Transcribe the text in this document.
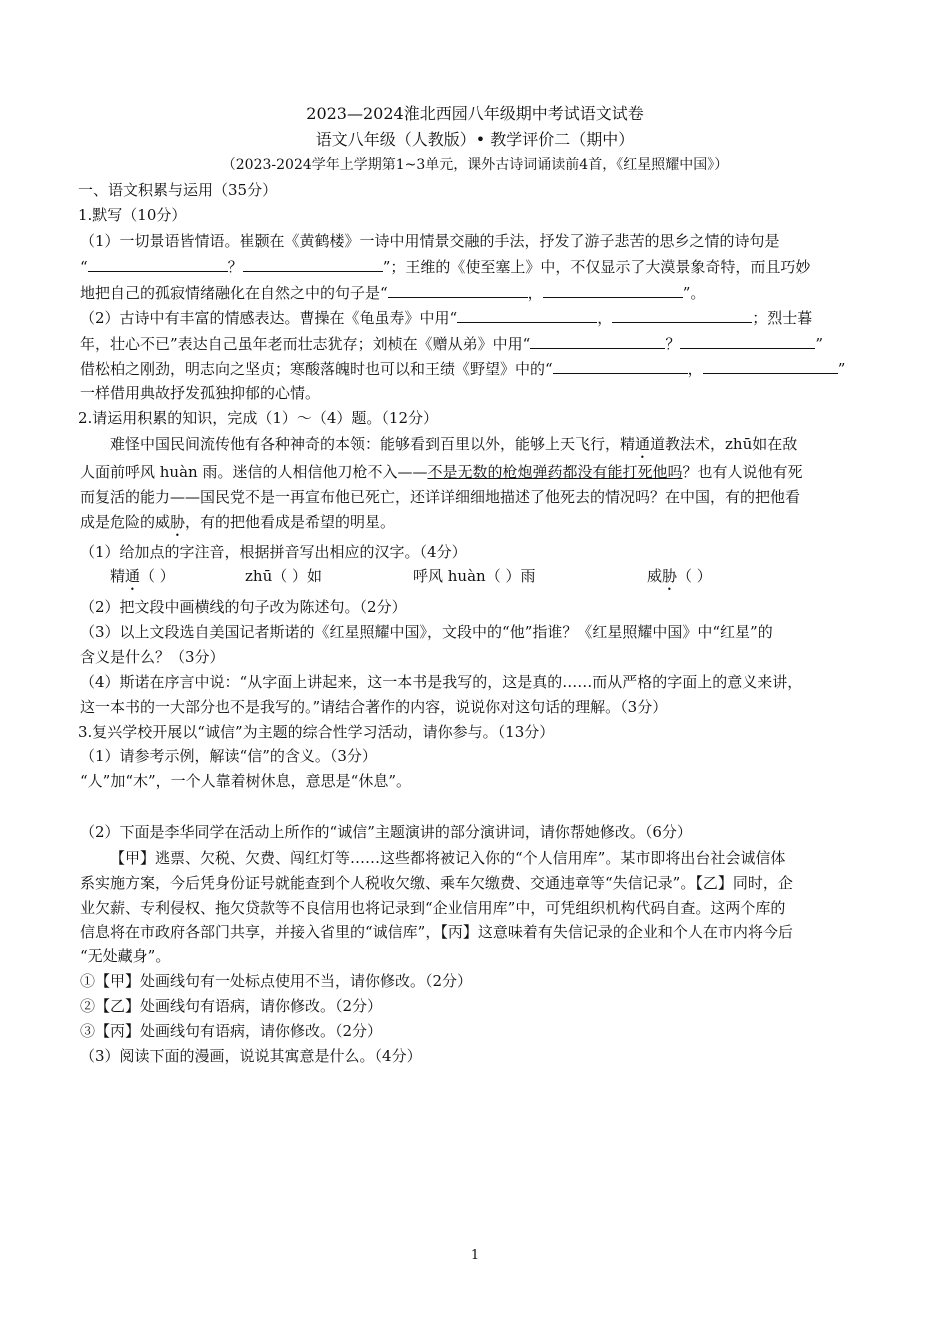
2023—2024淮北西园八年级期中考试语文试卷
语文八年级（人教版）• 教学评价二（期中）
（2023-2024学年上学期第1~3单元，课外古诗词诵读前4首，《红星照耀中国》）
一、语文积累与运用（35分）
1.默写（10分）
（1）一切景语皆情语。崔颢在《黄鹤楼》一诗中用情景交融的手法，抒发了游子悲苦的思乡之情的诗句是
“	？	”；王维的《使至塞上》中，不仅显示了大漠景象奇特，而且巧妙
地把自己的孤寂情绪融化在自然之中的句子是“	，	”。
（2）古诗中有丰富的情感表达。曹操在《龟虽寿》中用“	，	；烈士暮
年，壮心不已”表达自己虽年老而壮志犹存；刘桢在《赠从弟》中用“	？	”
借松柏之刚劲，明志向之坚贞；寒酸落魄时也可以和王绩《野望》中的“	，	”
一样借用典故抒发孤独抑郁的心情。
2.请运用积累的知识，完成（1）～（4）题。（12分）
难怪中国民间流传他有各种神奇的本领：能够看到百里以外，能够上天飞行，精通道教法术，zhū如在敌
人面前呼风 huàn 雨。迷信的人相信他刀枪不入——不是无数的枪炮弹药都没有能打死他吗？也有人说他有死
而复活的能力——国民党不是一再宣布他已死亡，还详详细细地描述了他死去的情况吗？在中国，有的把他看
成是危险的威胁，有的把他看成是希望的明星。
（1）给加点的字注音，根据拼音写出相应的汉字。（4分）
精通（ ）	zhū（ ）如	呼风 huàn（ ）雨	威胁（ ）
（2）把文段中画横线的句子改为陈述句。（2分）
（3）以上文段选自美国记者斯诺的《红星照耀中国》，文段中的“他”指谁？《红星照耀中国》中“红星”的
含义是什么？（3分）
（4）斯诺在序言中说：“从字面上讲起来，这一本书是我写的，这是真的……而从严格的字面上的意义来讲，
这一本书的一大部分也不是我写的。”请结合著作的内容，说说你对这句话的理解。（3分）
3.复兴学校开展以“诚信”为主题的综合性学习活动，请你参与。（13分）
（1）请参考示例，解读“信”的含义。（3分）
“人”加“木”，一个人靠着树休息，意思是“休息”。
（2）下面是李华同学在活动上所作的“诚信”主题演讲的部分演讲词，请你帮她修改。（6分）
【甲】逃票、欠税、欠费、闯红灯等……这些都将被记入你的“个人信用库”。某市即将出台社会诚信体
系实施方案，今后凭身份证号就能查到个人税收欠缴、乘车欠缴费、交通违章等“失信记录”。【乙】同时，企
业欠薪、专利侵权、拖欠贷款等不良信用也将记录到“企业信用库”中，可凭组织机构代码自查。这两个库的
信息将在市政府各部门共享，并接入省里的“诚信库”，【丙】这意味着有失信记录的企业和个人在市内将今后
“无处藏身”。
①【甲】处画线句有一处标点使用不当，请你修改。（2分）
②【乙】处画线句有语病，请你修改。（2分）
③【丙】处画线句有语病，请你修改。（2分）
（3）阅读下面的漫画，说说其寓意是什么。（4分）
1
